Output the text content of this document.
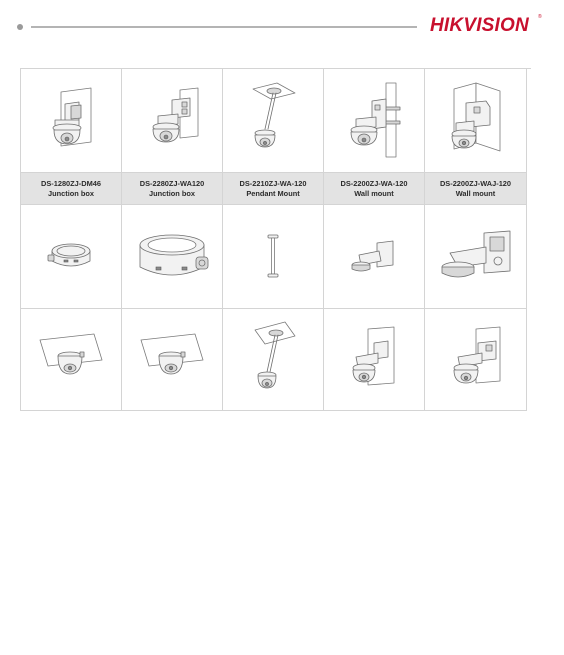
HIKVISION ®
DS-1280ZJ-DM46
Junction box
DS-2280ZJ-WA120
Junction box
DS-2210ZJ-WA-120
Pendant Mount
DS-2200ZJ-WA-120
Wall mount
DS-2200ZJ-WAJ-120
Wall mount
